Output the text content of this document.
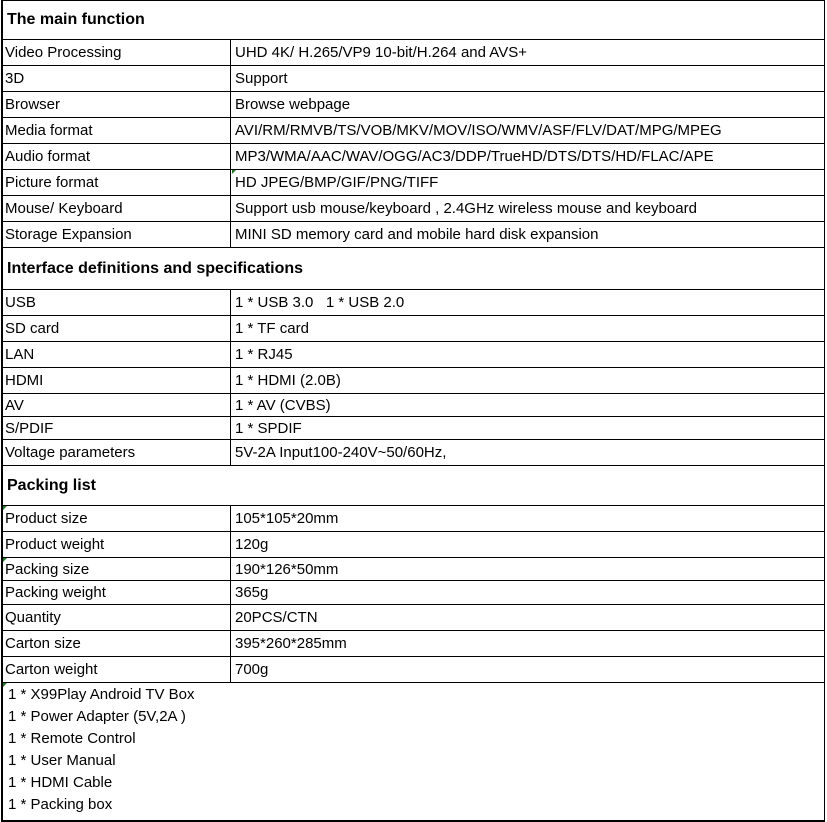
The main function
Video Processing	UHD 4K/ H.265/VP9 10-bit/H.264 and AVS+
3D	Support
Browser	Browse webpage
Media format	AVI/RM/RMVB/TS/VOB/MKV/MOV/ISO/WMV/ASF/FLV/DAT/MPG/MPEG
Audio format	MP3/WMA/AAC/WAV/OGG/AC3/DDP/TrueHD/DTS/DTS/HD/FLAC/APE
Picture format	HD JPEG/BMP/GIF/PNG/TIFF
Mouse/ Keyboard	Support usb mouse/keyboard , 2.4GHz wireless mouse and keyboard
Storage Expansion	MINI SD memory card and mobile hard disk expansion
Interface definitions and specifications
USB	1 * USB 3.0   1 * USB 2.0
SD card	1 * TF card
LAN	1 * RJ45
HDMI	1 * HDMI (2.0B)
AV	1 * AV (CVBS)
S/PDIF	1 * SPDIF
Voltage parameters	5V-2A Input100-240V~50/60Hz,
Packing list
Product size	105*105*20mm
Product weight	120g
Packing size	190*126*50mm
Packing weight	365g
Quantity	20PCS/CTN
Carton size	395*260*285mm
Carton weight	700g
1 * X99Play Android TV Box
1 * Power Adapter (5V,2A )
1 * Remote Control
1 * User Manual
1 * HDMI Cable
1 * Packing box
